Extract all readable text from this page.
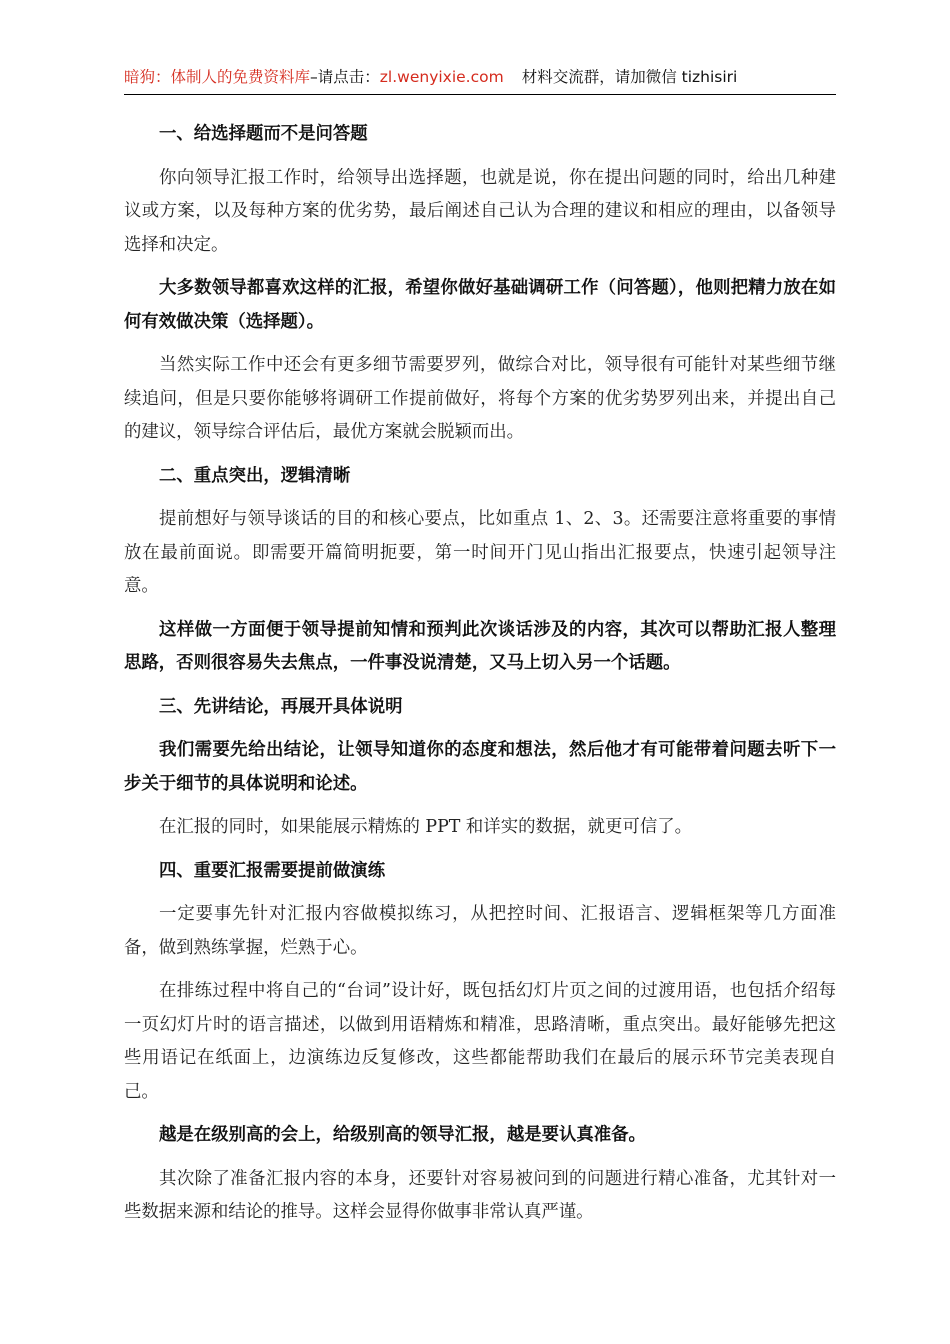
暗狗：体制人的免费资料库–请点击：zl.wenyixie.com 材料交流群，请加微信 tizhisiri

一、给选择题而不是问答题

你向领导汇报工作时，给领导出选择题，也就是说，你在提出问题的同时，给出几种建议或方案，以及每种方案的优劣势，最后阐述自己认为合理的建议和相应的理由，以备领导选择和决定。

大多数领导都喜欢这样的汇报，希望你做好基础调研工作（问答题），他则把精力放在如何有效做决策（选择题）。

当然实际工作中还会有更多细节需要罗列，做综合对比，领导很有可能针对某些细节继续追问，但是只要你能够将调研工作提前做好，将每个方案的优劣势罗列出来，并提出自己的建议，领导综合评估后，最优方案就会脱颖而出。

二、重点突出，逻辑清晰

提前想好与领导谈话的目的和核心要点，比如重点 1、2、3。还需要注意将重要的事情放在最前面说。即需要开篇简明扼要，第一时间开门见山指出汇报要点，快速引起领导注意。

这样做一方面便于领导提前知情和预判此次谈话涉及的内容，其次可以帮助汇报人整理思路，否则很容易失去焦点，一件事没说清楚，又马上切入另一个话题。

三、先讲结论，再展开具体说明

我们需要先给出结论，让领导知道你的态度和想法，然后他才有可能带着问题去听下一步关于细节的具体说明和论述。

在汇报的同时，如果能展示精炼的 PPT 和详实的数据，就更可信了。

四、重要汇报需要提前做演练

一定要事先针对汇报内容做模拟练习，从把控时间、汇报语言、逻辑框架等几方面准备，做到熟练掌握，烂熟于心。

在排练过程中将自己的“台词”设计好，既包括幻灯片页之间的过渡用语，也包括介绍每一页幻灯片时的语言描述，以做到用语精炼和精准，思路清晰，重点突出。最好能够先把这些用语记在纸面上，边演练边反复修改，这些都能帮助我们在最后的展示环节完美表现自己。

越是在级别高的会上，给级别高的领导汇报，越是要认真准备。

其次除了准备汇报内容的本身，还要针对容易被问到的问题进行精心准备，尤其针对一些数据来源和结论的推导。这样会显得你做事非常认真严谨。
